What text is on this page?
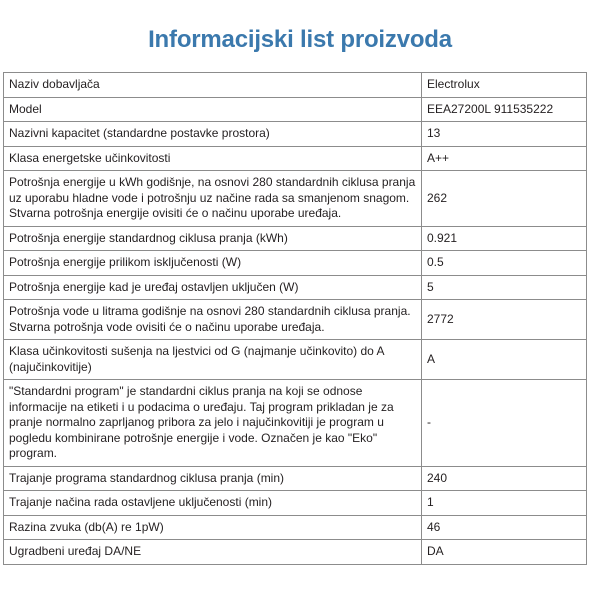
Informacijski list proizvoda
Naziv dobavljača	Electrolux
Model	EEA27200L 911535222
Nazivni kapacitet (standardne postavke prostora)	13
Klasa energetske učinkovitosti	A++
Potrošnja energije u kWh godišnje, na osnovi 280 standardnih ciklusa pranja uz uporabu hladne vode i potrošnju uz načine rada sa smanjenom snagom. Stvarna potrošnja energije ovisiti će o načinu uporabe uređaja.	262
Potrošnja energije standardnog ciklusa pranja (kWh)	0.921
Potrošnja energije prilikom isključenosti (W)	0.5
Potrošnja energije kad je uređaj ostavljen uključen (W)	5
Potrošnja vode u litrama godišnje na osnovi 280 standardnih ciklusa pranja. Stvarna potrošnja vode ovisiti će o načinu uporabe uređaja.	2772
Klasa učinkovitosti sušenja na ljestvici od G (najmanje učinkovito) do A (najučinkovitije)	A
"Standardni program" je standardni ciklus pranja na koji se odnose informacije na etiketi i u podacima o uređaju. Taj program prikladan je za pranje normalno zaprljanog pribora za jelo i najučinkovitiji je program u pogledu kombinirane potrošnje energije i vode. Označen je kao "Eko" program.	-
Trajanje programa standardnog ciklusa pranja (min)	240
Trajanje načina rada ostavljene uključenosti (min)	1
Razina zvuka (db(A) re 1pW)	46
Ugradbeni uređaj DA/NE	DA
